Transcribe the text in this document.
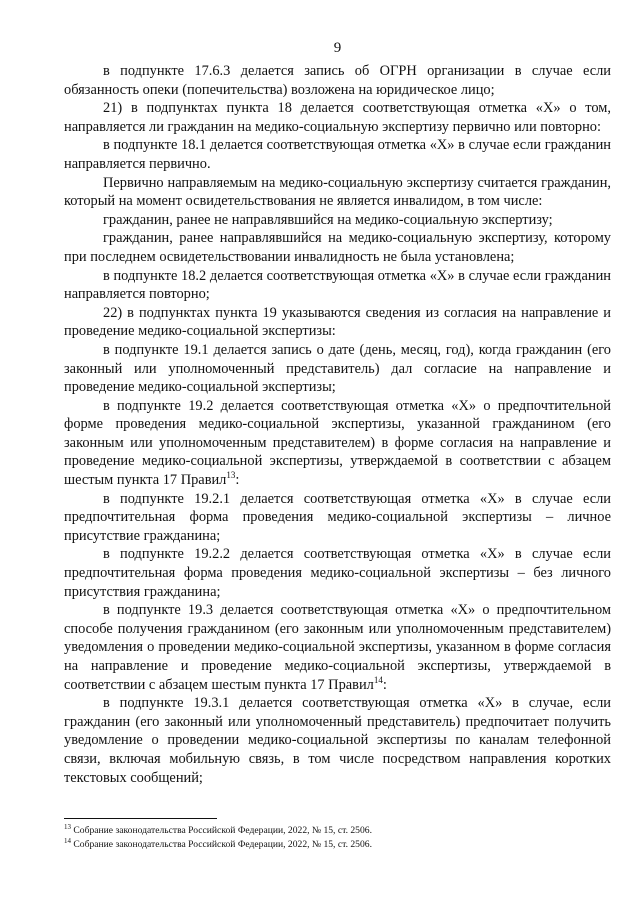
9

в подпункте 17.6.3 делается запись об ОГРН организации в случае если обязанность опеки (попечительства) возложена на юридическое лицо;

21) в подпунктах пункта 18 делается соответствующая отметка «Х» о том, направляется ли гражданин на медико-социальную экспертизу первично или повторно:

в подпункте 18.1 делается соответствующая отметка «Х» в случае если гражданин направляется первично.

Первично направляемым на медико-социальную экспертизу считается гражданин, который на момент освидетельствования не является инвалидом, в том числе:

гражданин, ранее не направлявшийся на медико-социальную экспертизу;

гражданин, ранее направлявшийся на медико-социальную экспертизу, которому при последнем освидетельствовании инвалидность не была установлена;

в подпункте 18.2 делается соответствующая отметка «Х» в случае если гражданин направляется повторно;

22) в подпунктах пункта 19 указываются сведения из согласия на направление и проведение медико-социальной экспертизы:

в подпункте 19.1 делается запись о дате (день, месяц, год), когда гражданин (его законный или уполномоченный представитель) дал согласие на направление и проведение медико-социальной экспертизы;

в подпункте 19.2 делается соответствующая отметка «Х» о предпочтительной форме проведения медико-социальной экспертизы, указанной гражданином (его законным или уполномоченным представителем) в форме согласия на направление и проведение медико-социальной экспертизы, утверждаемой в соответствии с абзацем шестым пункта 17 Правил$^{13}$:

в подпункте 19.2.1 делается соответствующая отметка «Х» в случае если предпочтительная форма проведения медико-социальной экспертизы – личное присутствие гражданина;

в подпункте 19.2.2 делается соответствующая отметка «Х» в случае если предпочтительная форма проведения медико-социальной экспертизы – без личного присутствия гражданина;

в подпункте 19.3 делается соответствующая отметка «Х» о предпочтительном способе получения гражданином (его законным или уполномоченным представителем) уведомления о проведении медико-социальной экспертизы, указанном в форме согласия на направление и проведение медико-социальной экспертизы, утверждаемой в соответствии с абзацем шестым пункта 17 Правил$^{14}$:

в подпункте 19.3.1 делается соответствующая отметка «Х» в случае, если гражданин (его законный или уполномоченный представитель) предпочитает получить уведомление о проведении медико-социальной экспертизы по каналам телефонной связи, включая мобильную связь, в том числе посредством направления коротких текстовых сообщений;

$^{13}$ Собрание законодательства Российской Федерации, 2022, № 15, ст. 2506.

$^{14}$ Собрание законодательства Российской Федерации, 2022, № 15, ст. 2506.
